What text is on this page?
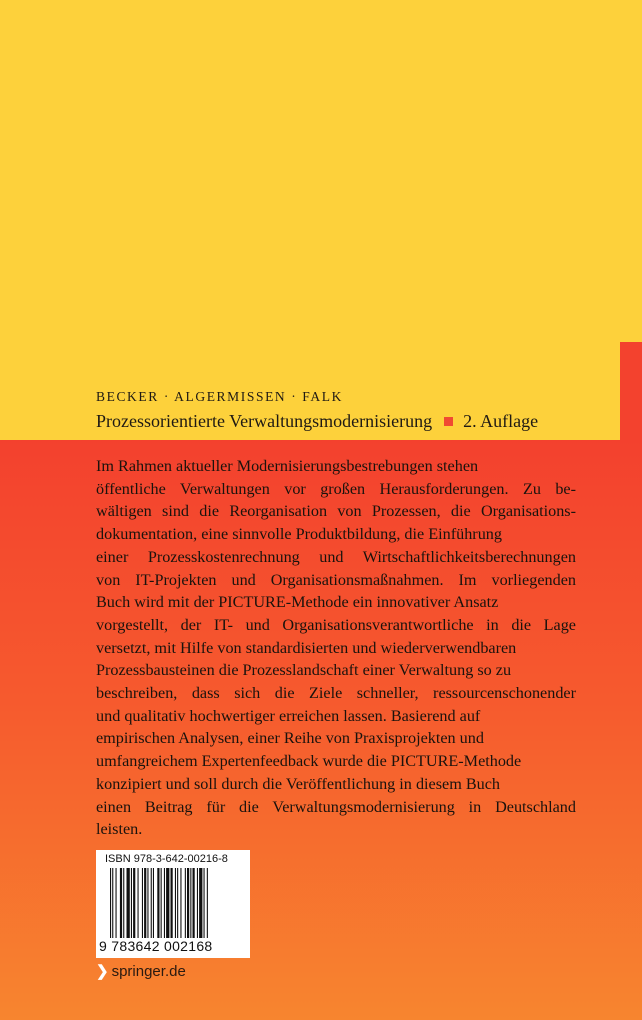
BECKER · ALGERMISSEN · FALK
Prozessorientierte Verwaltungsmodernisierung 2. Auflage
Im Rahmen aktueller Modernisierungsbestrebungen stehen
öffentliche Verwaltungen vor großen Herausforderungen. Zu be-
wältigen sind die Reorganisation von Prozessen, die Organisations-
dokumentation, eine sinnvolle Produktbildung, die Einführung
einer Prozesskostenrechnung und Wirtschaftlichkeitsberechnungen
von IT-Projekten und Organisationsmaßnahmen. Im vorliegenden
Buch wird mit der PICTURE-Methode ein innovativer Ansatz
vorgestellt, der IT- und Organisationsverantwortliche in die Lage
versetzt, mit Hilfe von standardisierten und wiederverwendbaren
Prozessbausteinen die Prozesslandschaft einer Verwaltung so zu
beschreiben, dass sich die Ziele schneller, ressourcenschonender
und qualitativ hochwertiger erreichen lassen. Basierend auf
empirischen Analysen, einer Reihe von Praxisprojekten und
umfangreichem Expertenfeedback wurde die PICTURE-Methode
konzipiert und soll durch die Veröffentlichung in diesem Buch
einen Beitrag für die Verwaltungsmodernisierung in Deutschland
leisten.
ISBN 978-3-642-00216-8
9 783642 002168
❯ springer.de
